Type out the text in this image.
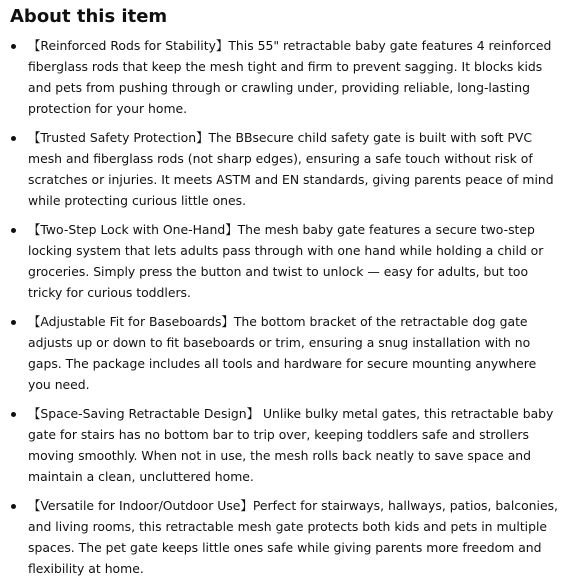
About this item
【Reinforced Rods for Stability】This 55" retractable baby gate features 4 reinforced fiberglass rods that keep the mesh tight and firm to prevent sagging. It blocks kids and pets from pushing through or crawling under, providing reliable, long-lasting protection for your home.
【Trusted Safety Protection】The BBsecure child safety gate is built with soft PVC mesh and fiberglass rods (not sharp edges), ensuring a safe touch without risk of scratches or injuries. It meets ASTM and EN standards, giving parents peace of mind while protecting curious little ones.
【Two-Step Lock with One-Hand】The mesh baby gate features a secure two-step locking system that lets adults pass through with one hand while holding a child or groceries. Simply press the button and twist to unlock — easy for adults, but too tricky for curious toddlers.
【Adjustable Fit for Baseboards】The bottom bracket of the retractable dog gate adjusts up or down to fit baseboards or trim, ensuring a snug installation with no gaps. The package includes all tools and hardware for secure mounting anywhere you need.
【Space-Saving Retractable Design】 Unlike bulky metal gates, this retractable baby gate for stairs has no bottom bar to trip over, keeping toddlers safe and strollers moving smoothly. When not in use, the mesh rolls back neatly to save space and maintain a clean, uncluttered home.
【Versatile for Indoor/Outdoor Use】Perfect for stairways, hallways, patios, balconies, and living rooms, this retractable mesh gate protects both kids and pets in multiple spaces. The pet gate keeps little ones safe while giving parents more freedom and flexibility at home.
